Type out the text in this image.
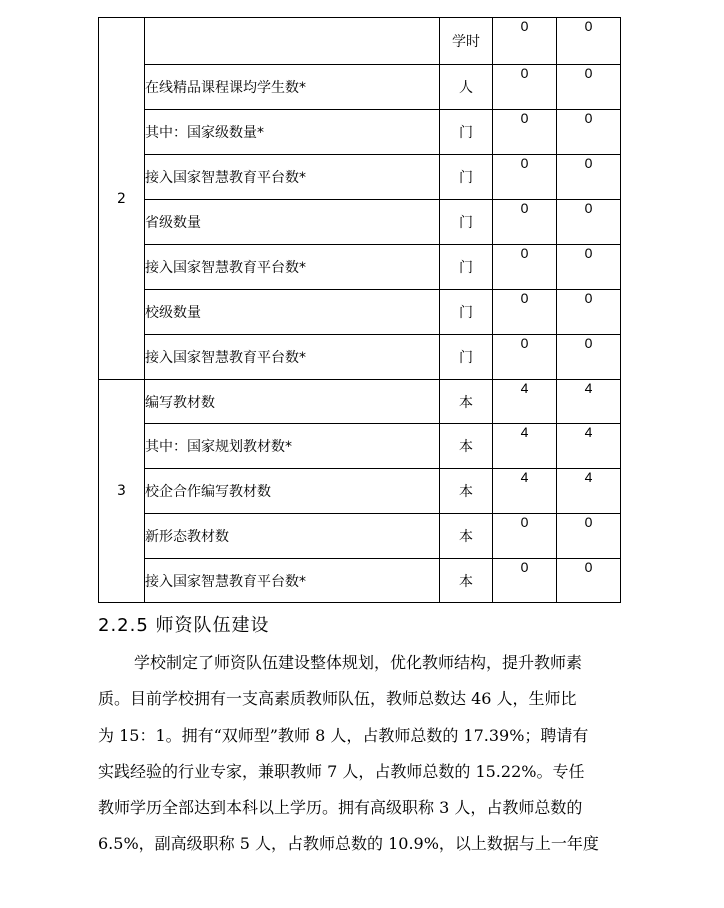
2		学时	0	0
	在线精品课程课均学生数*	人	0	0
	其中：国家级数量*	门	0	0
	接入国家智慧教育平台数*	门	0	0
	省级数量	门	0	0
	接入国家智慧教育平台数*	门	0	0
	校级数量	门	0	0
	接入国家智慧教育平台数*	门	0	0
3	编写教材数	本	4	4
	其中：国家规划教材数*	本	4	4
	校企合作编写教材数	本	4	4
	新形态教材数	本	0	0
	接入国家智慧教育平台数*	本	0	0
2.2.5 师资队伍建设
学校制定了师资队伍建设整体规划，优化教师结构，提升教师素
质。目前学校拥有一支高素质教师队伍，教师总数达 46 人，生师比
为 15：1。拥有“双师型”教师 8 人，占教师总数的 17.39%；聘请有
实践经验的行业专家，兼职教师 7 人，占教师总数的 15.22%。专任
教师学历全部达到本科以上学历。拥有高级职称 3 人，占教师总数的
6.5%，副高级职称 5 人，占教师总数的 10.9%，以上数据与上一年度
